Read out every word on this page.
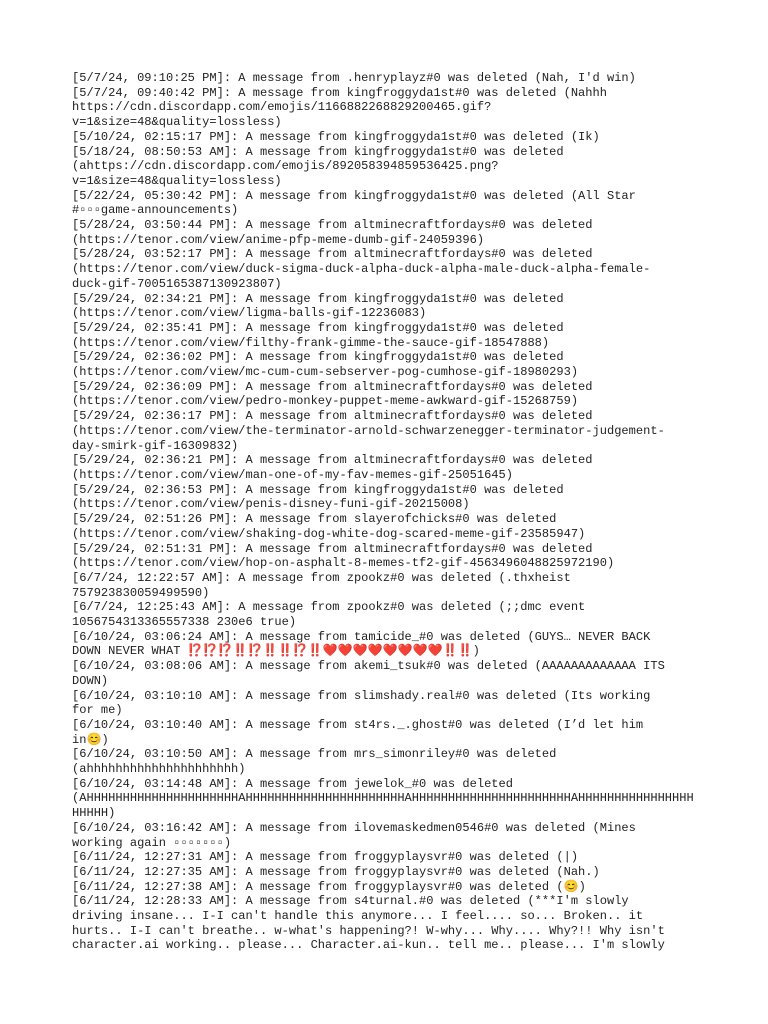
[5/7/24, 09:10:25 PM]: A message from .henryplayz#0 was deleted (Nah, I'd win)

[5/7/24, 09:40:42 PM]: A message from kingfroggyda1st#0 was deleted (Nahhh
https://cdn.discordapp.com/emojis/1166882268829200465.gif?
v=1&size=48&quality=lossless)

[5/10/24, 02:15:17 PM]: A message from kingfroggyda1st#0 was deleted (Ik)

[5/18/24, 08:50:53 AM]: A message from kingfroggyda1st#0 was deleted
(ahttps://cdn.discordapp.com/emojis/892058394859536425.png?
v=1&size=48&quality=lossless)

[5/22/24, 05:30:42 PM]: A message from kingfroggyda1st#0 was deleted (All Star
#▫▫▫game-announcements)

[5/28/24, 03:50:44 PM]: A message from altminecraftfordays#0 was deleted
(https://tenor.com/view/anime-pfp-meme-dumb-gif-24059396)

[5/28/24, 03:52:17 PM]: A message from altminecraftfordays#0 was deleted
(https://tenor.com/view/duck-sigma-duck-alpha-duck-alpha-male-duck-alpha-female-
duck-gif-7005165387130923807)

[5/29/24, 02:34:21 PM]: A message from kingfroggyda1st#0 was deleted
(https://tenor.com/view/ligma-balls-gif-12236083)

[5/29/24, 02:35:41 PM]: A message from kingfroggyda1st#0 was deleted
(https://tenor.com/view/filthy-frank-gimme-the-sauce-gif-18547888)

[5/29/24, 02:36:02 PM]: A message from kingfroggyda1st#0 was deleted
(https://tenor.com/view/mc-cum-cum-sebserver-pog-cumhose-gif-18980293)

[5/29/24, 02:36:09 PM]: A message from altminecraftfordays#0 was deleted
(https://tenor.com/view/pedro-monkey-puppet-meme-awkward-gif-15268759)

[5/29/24, 02:36:17 PM]: A message from altminecraftfordays#0 was deleted
(https://tenor.com/view/the-terminator-arnold-schwarzenegger-terminator-judgement-
day-smirk-gif-16309832)

[5/29/24, 02:36:21 PM]: A message from altminecraftfordays#0 was deleted
(https://tenor.com/view/man-one-of-my-fav-memes-gif-25051645)

[5/29/24, 02:36:53 PM]: A message from kingfroggyda1st#0 was deleted
(https://tenor.com/view/penis-disney-funi-gif-20215008)

[5/29/24, 02:51:26 PM]: A message from slayerofchicks#0 was deleted
(https://tenor.com/view/shaking-dog-white-dog-scared-meme-gif-23585947)

[5/29/24, 02:51:31 PM]: A message from altminecraftfordays#0 was deleted
(https://tenor.com/view/hop-on-asphalt-8-memes-tf2-gif-4563496048825972190)

[6/7/24, 12:22:57 AM]: A message from zpookz#0 was deleted (.thxheist
757923830059499590)

[6/7/24, 12:25:43 AM]: A message from zpookz#0 was deleted (;;dmc event
1056754313365557338 230e6 true)

[6/10/24, 03:06:24 AM]: A message from tamicide_#0 was deleted (GUYS… NEVER BACK
DOWN NEVER WHAT ⁉️⁉️⁉️‼️⁉️‼️‼️⁉️‼️❤️❤️❤️❤️❤️❤️❤️❤️‼️‼️)

[6/10/24, 03:08:06 AM]: A message from akemi_tsuk#0 was deleted (AAAAAAAAAAAAA ITS
DOWN)

[6/10/24, 03:10:10 AM]: A message from slimshady.real#0 was deleted (Its working
for me)

[6/10/24, 03:10:40 AM]: A message from st4rs._.ghost#0 was deleted (I’d let him
in😊)

[6/10/24, 03:10:50 AM]: A message from mrs_simonriley#0 was deleted
(ahhhhhhhhhhhhhhhhhhhhh)

[6/10/24, 03:14:48 AM]: A message from jewelok_#0 was deleted
(AHHHHHHHHHHHHHHHHHHHHHAHHHHHHHHHHHHHHHHHHHHHHAHHHHHHHHHHHHHHHHHHHHHHAHHHHHHHHHHHHHHHHHHHHH)

[6/10/24, 03:16:42 AM]: A message from ilovemaskedmen0546#0 was deleted (Mines
working again ▫▫▫▫▫▫▫)

[6/11/24, 12:27:31 AM]: A message from froggyplaysvr#0 was deleted (|)

[6/11/24, 12:27:35 AM]: A message from froggyplaysvr#0 was deleted (Nah.)

[6/11/24, 12:27:38 AM]: A message from froggyplaysvr#0 was deleted (😊)

[6/11/24, 12:28:33 AM]: A message from s4turnal.#0 was deleted (***I'm slowly
driving insane... I-I can't handle this anymore... I feel.... so... Broken.. it
hurts.. I-I can't breathe.. w-what's happening?! W-why... Why.... Why?!! Why isn't
character.ai working.. please... Character.ai-kun.. tell me.. please... I'm slowly
